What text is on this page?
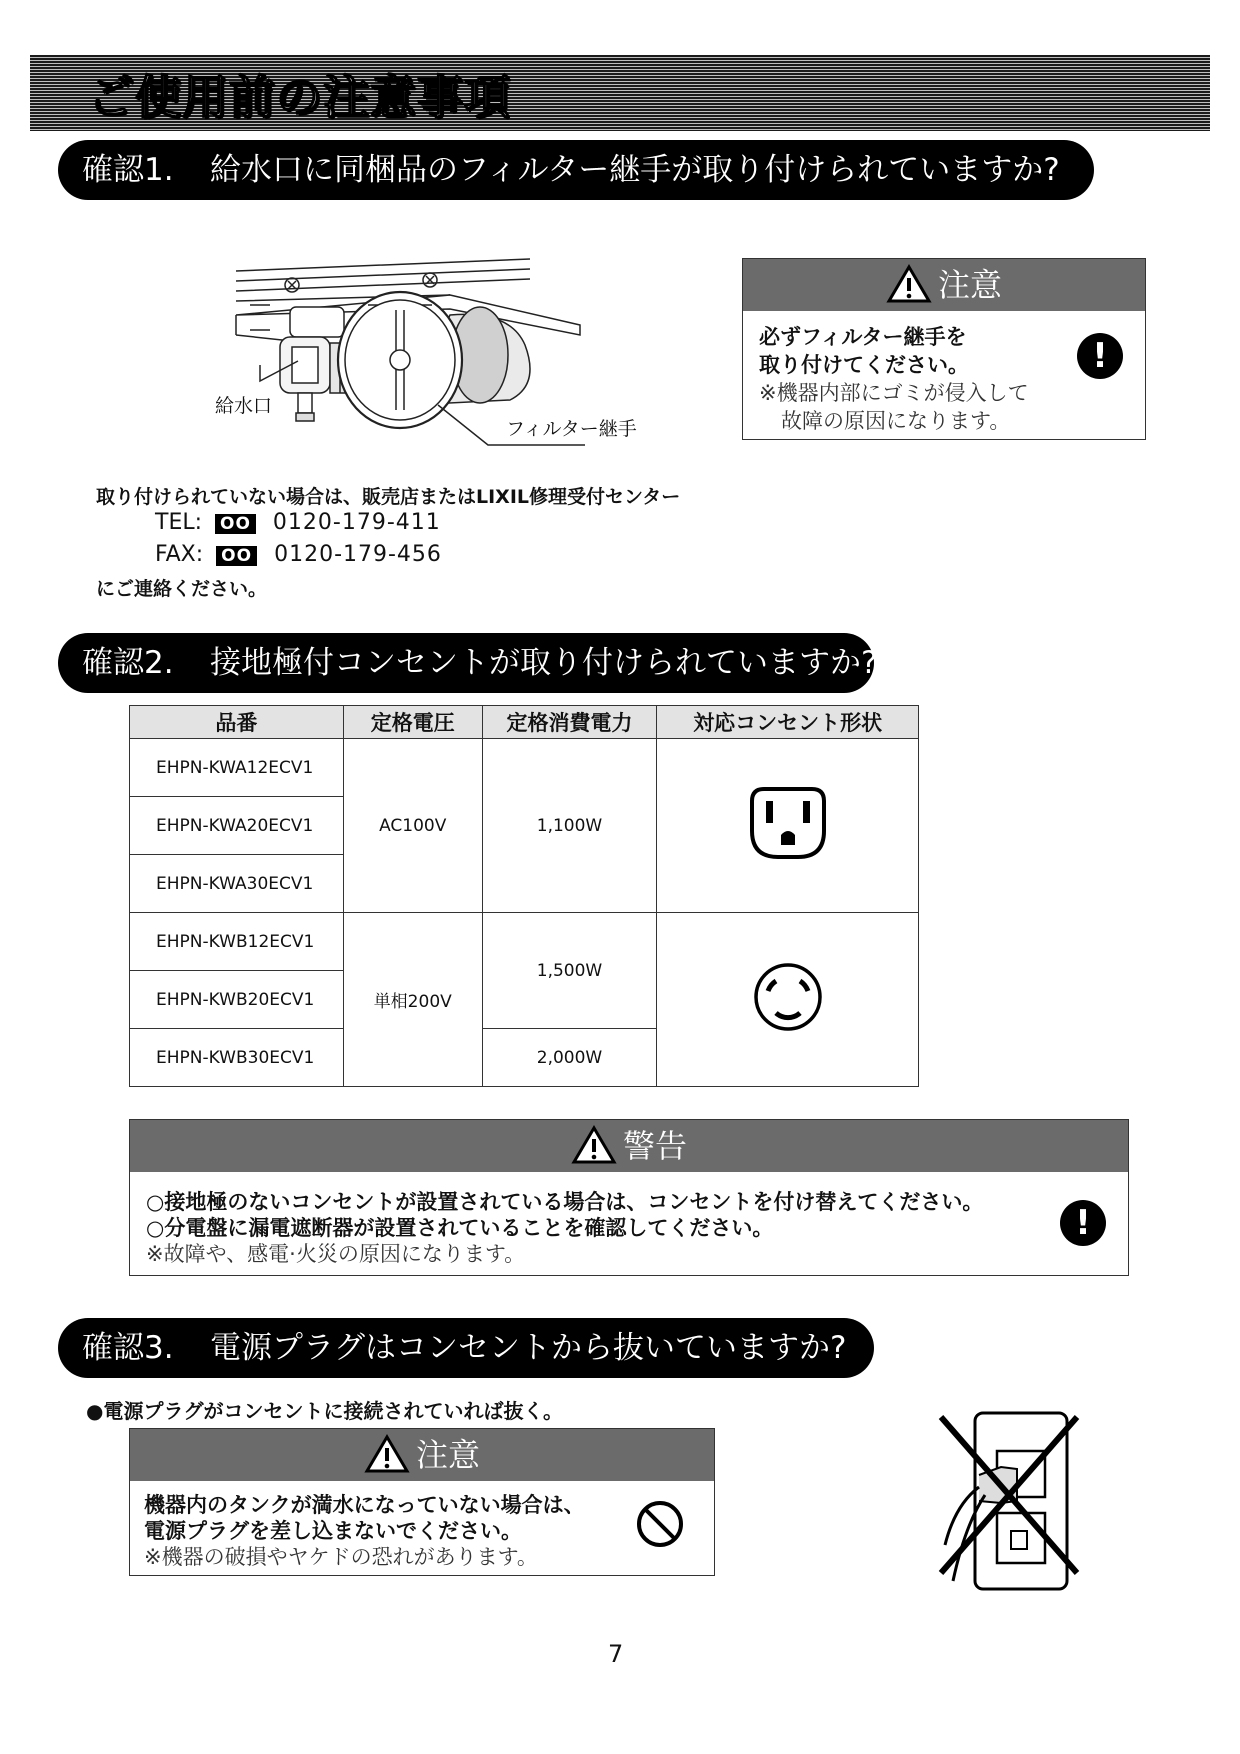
ご使用前の注意事項
確認1. 給水口に同梱品のフィルター継手が取り付けられていますか?
給水口
フィルター継手
注意
必ずフィルター継手を
取り付けてください。
※機器内部にゴミが侵入して
故障の原因になります。
!
取り付けられていない場合は、販売店またはLIXIL修理受付センター
TEL: OO 0120-179-411
FAX: OO 0120-179-456
にご連絡ください。
確認2. 接地極付コンセントが取り付けられていますか?
品番	定格電圧	定格消費電力	対応コンセント形状
EHPN-KWA12ECV1	AC100V	1,100W	
EHPN-KWA20ECV1			
EHPN-KWA30ECV1			
EHPN-KWB12ECV1	単相200V	1,500W	
EHPN-KWB20ECV1			
EHPN-KWB30ECV1		2,000W	
警告
○接地極のないコンセントが設置されている場合は、コンセントを付け替えてください。
○分電盤に漏電遮断器が設置されていることを確認してください。
※故障や、感電·火災の原因になります。
!
確認3. 電源プラグはコンセントから抜いていますか?
●電源プラグがコンセントに接続されていれば抜く。
注意
機器内のタンクが満水になっていない場合は、
電源プラグを差し込まないでください。
※機器の破損やヤケドの恐れがあります。
7
